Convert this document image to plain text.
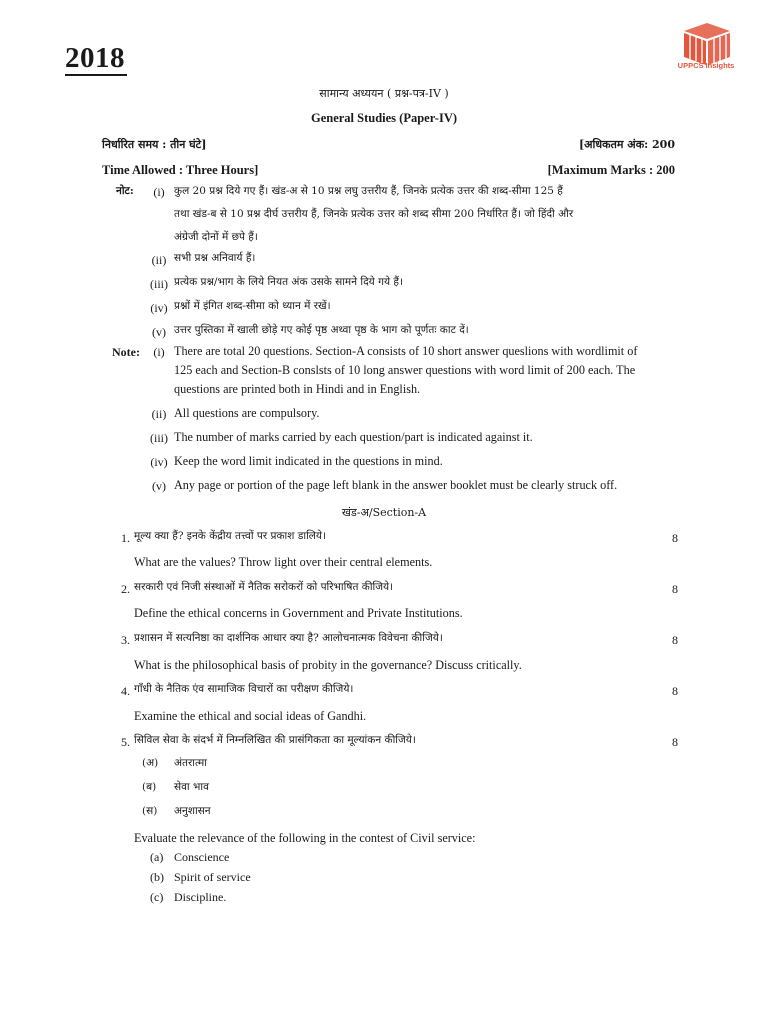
2018	UPPCS Insights
सामान्य अध्ययन ( प्रश्न-पत्र-IV )
General Studies (Paper-IV)
निर्धारित समय : तीन घंटे]	[अधिकतम अंक: 200
Time Allowed : Three Hours]	[Maximum Marks : 200
नोट:	(i) कुल 20 प्रश्न दिये गए हैं। खंड-अ से 10 प्रश्न लघु उत्तरीय हैं, जिनके प्रत्येक उत्तर की शब्द-सीमा 125 हैं
तथा खंड-ब से 10 प्रश्न दीर्घ उत्तरीय हैं, जिनके प्रत्येक उत्तर को शब्द सीमा 200 निर्धारित हैं। जो हिंदी और
अंग्रेजी दोनों में छपे हैं।
(ii) सभी प्रश्न अनिवार्य हैं।
(iii) प्रत्येक प्रश्न/भाग के लिये नियत अंक उसके सामने दिये गये हैं।
(iv) प्रश्नों में इंगित शब्द-सीमा को ध्यान में रखें।
(v) उत्तर पुस्तिका में खाली छोड़े गए कोई पृष्ठ अथ्वा पृष्ठ के भाग को पूर्णतः काट दें।
Note:	(i) There are total 20 questions. Section-A consists of 10 short answer queslions with wordlimit of
125 each and Section-B conslsts of 10 long answer questions with word limit of 200 each. The
questions are printed both in Hindi and in English.
(ii) All questions are compulsory.
(iii) The number of marks carried by each question/part is indicated against it.
(iv) Keep the word limit indicated in the questions in mind.
(v) Any page or portion of the page left blank in the answer booklet must be clearly struck off.
खंड-अ/Section-A
1. मूल्य क्या हैं? इनके केंद्रीय तत्त्वों पर प्रकाश डालिये।	8
What are the values? Throw light over their central elements.
2. सरकारी एवं निजी संस्थाओं में नैतिक सरोकरों को परिभाषित कीजिये।	8
Define the ethical concerns in Government and Private Institutions.
3. प्रशासन में सत्यनिष्ठा का दार्शनिक आधार क्या है? आलोचनात्मक विवेचना कीजिये।	8
What is the philosophical basis of probity in the governance? Discuss critically.
4. गाँधी के नैतिक एंव सामाजिक विचारों का परीक्षण कीजिये।	8
Examine the ethical and social ideas of Gandhi.
5. सिविल सेवा के संदर्भ में निम्नलिखित की प्रासंगिकता का मूल्यांकन कीजिये।	8
(अ)	अंतरात्मा
(ब)	सेवा भाव
(स)	अनुशासन
Evaluate the relevance of the following in the contest of Civil service:
(a) Conscience
(b) Spirit of service
(c) Discipline.
